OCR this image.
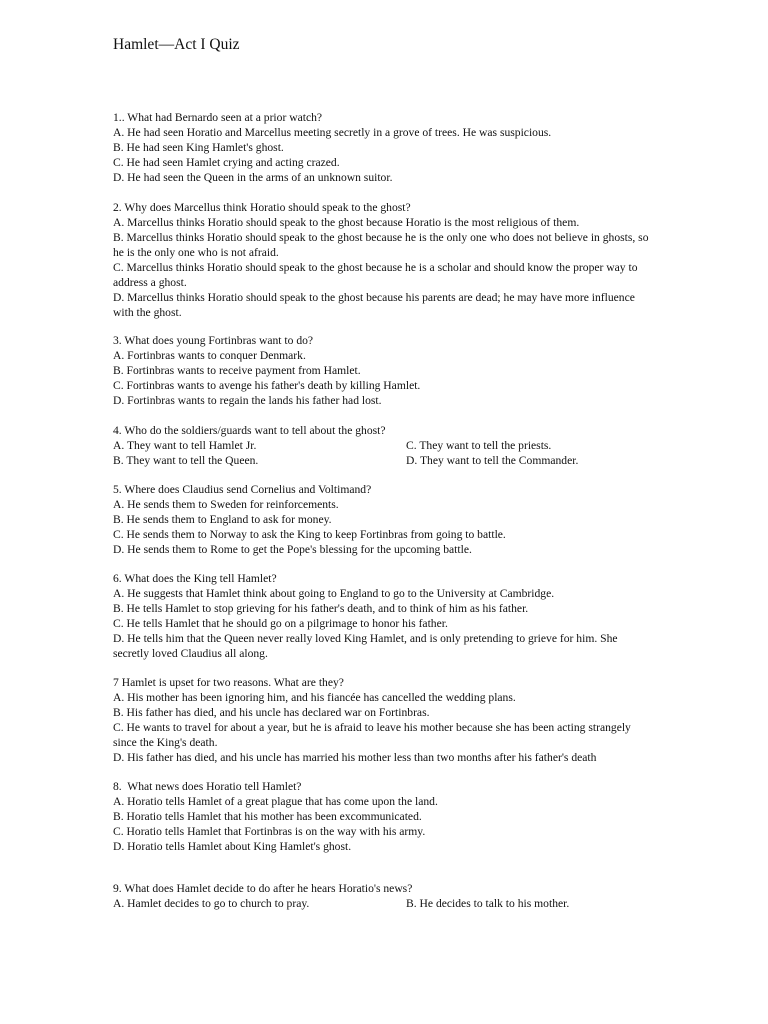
Hamlet—Act I Quiz
1.. What had Bernardo seen at a prior watch?
A. He had seen Horatio and Marcellus meeting secretly in a grove of trees. He was suspicious.
B. He had seen King Hamlet's ghost.
C. He had seen Hamlet crying and acting crazed.
D. He had seen the Queen in the arms of an unknown suitor.
2. Why does Marcellus think Horatio should speak to the ghost?
A. Marcellus thinks Horatio should speak to the ghost because Horatio is the most religious of them.
B. Marcellus thinks Horatio should speak to the ghost because he is the only one who does not believe in ghosts, so he is the only one who is not afraid.
C. Marcellus thinks Horatio should speak to the ghost because he is a scholar and should know the proper way to address a ghost.
D. Marcellus thinks Horatio should speak to the ghost because his parents are dead; he may have more influence with the ghost.
3. What does young Fortinbras want to do?
A. Fortinbras wants to conquer Denmark.
B. Fortinbras wants to receive payment from Hamlet.
C. Fortinbras wants to avenge his father's death by killing Hamlet.
D. Fortinbras wants to regain the lands his father had lost.
4. Who do the soldiers/guards want to tell about the ghost?
A. They want to tell Hamlet Jr.	C. They want to tell the priests.
B. They want to tell the Queen.	D. They want to tell the Commander.
5. Where does Claudius send Cornelius and Voltimand?
A. He sends them to Sweden for reinforcements.
B. He sends them to England to ask for money.
C. He sends them to Norway to ask the King to keep Fortinbras from going to battle.
D. He sends them to Rome to get the Pope's blessing for the upcoming battle.
6. What does the King tell Hamlet?
A. He suggests that Hamlet think about going to England to go to the University at Cambridge.
B. He tells Hamlet to stop grieving for his father's death, and to think of him as his father.
C. He tells Hamlet that he should go on a pilgrimage to honor his father.
D. He tells him that the Queen never really loved King Hamlet, and is only pretending to grieve for him. She secretly loved Claudius all along.
7 Hamlet is upset for two reasons. What are they?
A. His mother has been ignoring him, and his fiancée has cancelled the wedding plans.
B. His father has died, and his uncle has declared war on Fortinbras.
C. He wants to travel for about a year, but he is afraid to leave his mother because she has been acting strangely since the King's death.
D. His father has died, and his uncle has married his mother less than two months after his father's death
8.  What news does Horatio tell Hamlet?
A. Horatio tells Hamlet of a great plague that has come upon the land.
B. Horatio tells Hamlet that his mother has been excommunicated.
C. Horatio tells Hamlet that Fortinbras is on the way with his army.
D. Horatio tells Hamlet about King Hamlet's ghost.
9. What does Hamlet decide to do after he hears Horatio's news?
A. Hamlet decides to go to church to pray.	B. He decides to talk to his mother.
